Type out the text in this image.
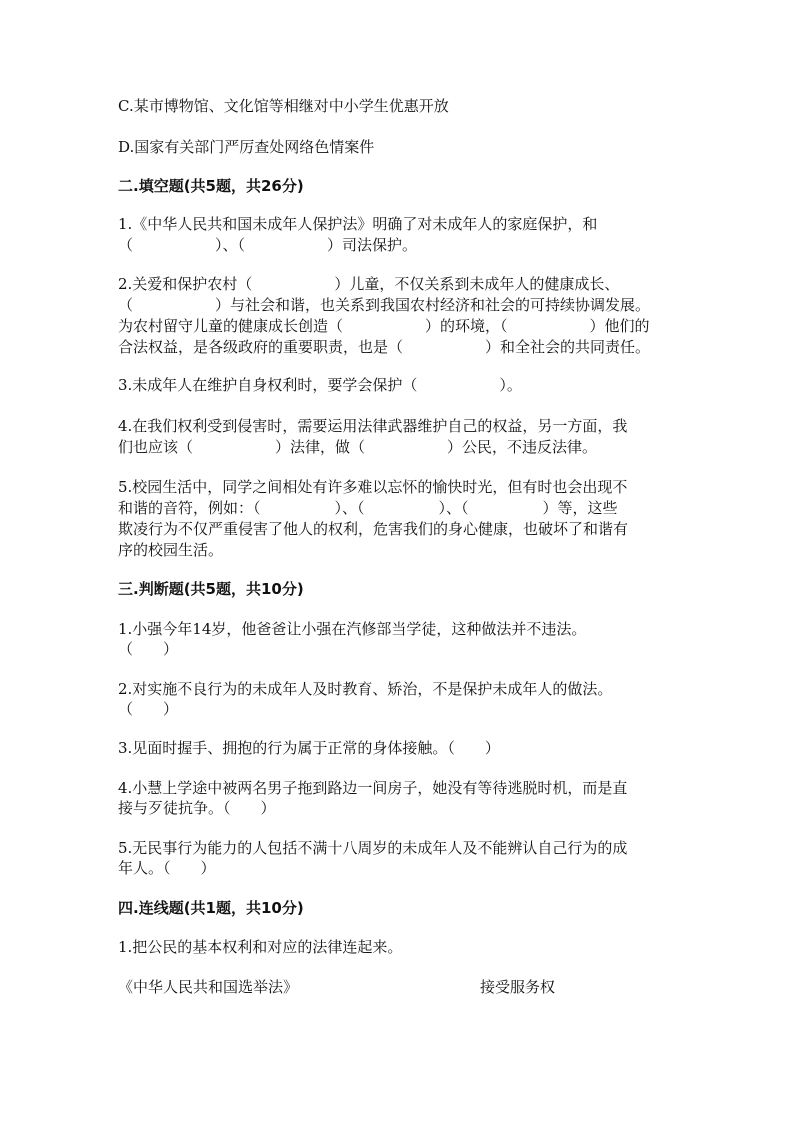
C.某市博物馆、文化馆等相继对中小学生优惠开放
D.国家有关部门严厉查处网络色情案件
二.填空题(共5题，共26分)
1.《中华人民共和国未成年人保护法》明确了对未成年人的家庭保护，和
（	）、（	）司法保护。
2.关爱和保护农村（	）儿童，不仅关系到未成年人的健康成长、
（	）与社会和谐，也关系到我国农村经济和社会的可持续协调发展。
为农村留守儿童的健康成长创造（	）的环境，（	）他们的
合法权益，是各级政府的重要职责，也是（	）和全社会的共同责任。
3.未成年人在维护自身权利时，要学会保护（	）。
4.在我们权利受到侵害时，需要运用法律武器维护自己的权益，另一方面，我
们也应该（	）法律，做（	）公民，不违反法律。
5.校园生活中，同学之间相处有许多难以忘怀的愉快时光，但有时也会出现不
和谐的音符，例如：（	）、（	）、（	）等，这些
欺凌行为不仅严重侵害了他人的权利，危害我们的身心健康，也破坏了和谐有
序的校园生活。
三.判断题(共5题，共10分)
1.小强今年14岁，他爸爸让小强在汽修部当学徒，这种做法并不违法。
（　　）
2.对实施不良行为的未成年人及时教育、矫治，不是保护未成年人的做法。
（　　）
3.见面时握手、拥抱的行为属于正常的身体接触。（　　）
4.小慧上学途中被两名男子拖到路边一间房子，她没有等待逃脱时机，而是直
接与歹徒抗争。（　　）
5.无民事行为能力的人包括不满十八周岁的未成年人及不能辨认自己行为的成
年人。（　　）
四.连线题(共1题，共10分)
1.把公民的基本权利和对应的法律连起来。
《中华人民共和国选举法》	接受服务权
